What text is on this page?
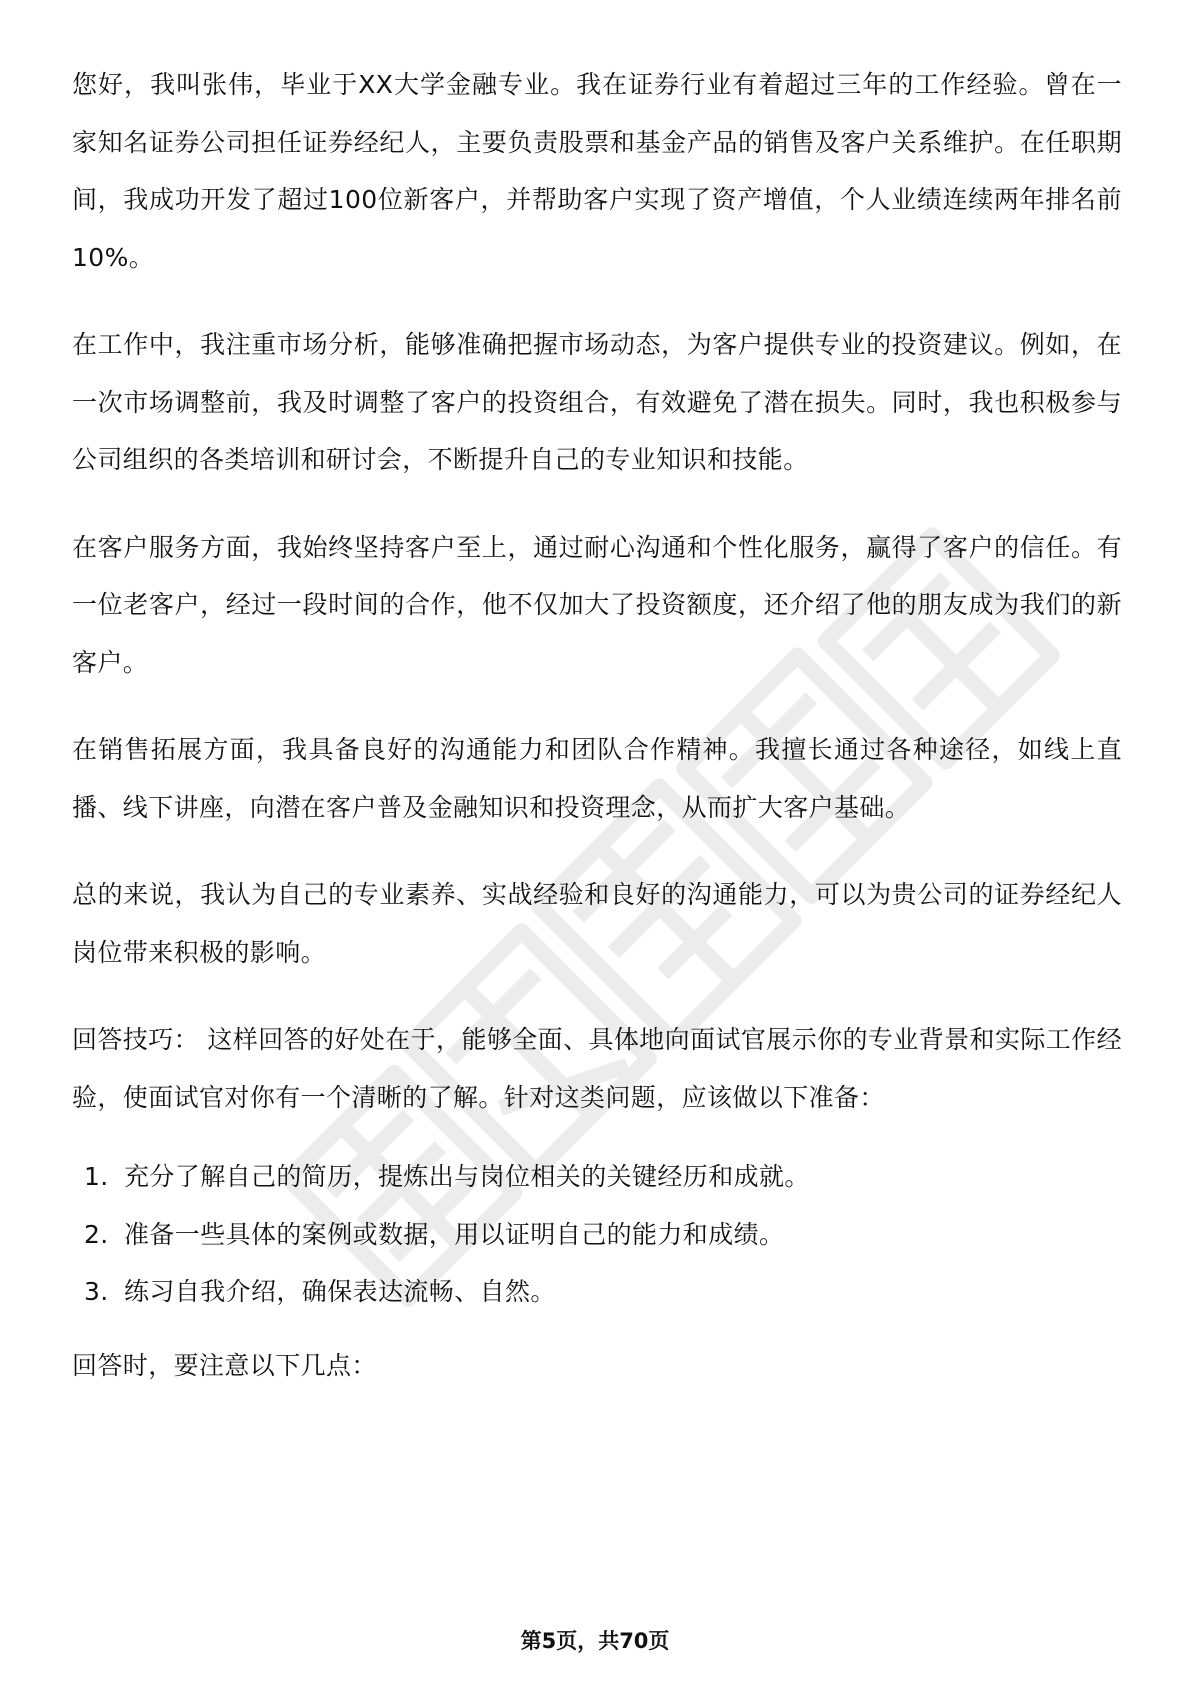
您好，我叫张伟，毕业于XX大学金融专业。我在证券行业有着超过三年的工作经验。曾在一家知名证券公司担任证券经纪人，主要负责股票和基金产品的销售及客户关系维护。在任职期间，我成功开发了超过100位新客户，并帮助客户实现了资产增值，个人业绩连续两年排名前10%。

在工作中，我注重市场分析，能够准确把握市场动态，为客户提供专业的投资建议。例如，在一次市场调整前，我及时调整了客户的投资组合，有效避免了潜在损失。同时，我也积极参与公司组织的各类培训和研讨会，不断提升自己的专业知识和技能。

在客户服务方面，我始终坚持客户至上，通过耐心沟通和个性化服务，赢得了客户的信任。有一位老客户，经过一段时间的合作，他不仅加大了投资额度，还介绍了他的朋友成为我们的新客户。

在销售拓展方面，我具备良好的沟通能力和团队合作精神。我擅长通过各种途径，如线上直播、线下讲座，向潜在客户普及金融知识和投资理念，从而扩大客户基础。

总的来说，我认为自己的专业素养、实战经验和良好的沟通能力，可以为贵公司的证券经纪人岗位带来积极的影响。

回答技巧： 这样回答的好处在于，能够全面、具体地向面试官展示你的专业背景和实际工作经验，使面试官对你有一个清晰的了解。针对这类问题，应该做以下准备：

1. 充分了解自己的简历，提炼出与岗位相关的关键经历和成就。
2. 准备一些具体的案例或数据，用以证明自己的能力和成绩。
3. 练习自我介绍，确保表达流畅、自然。

回答时，要注意以下几点：

第5页，共70页
